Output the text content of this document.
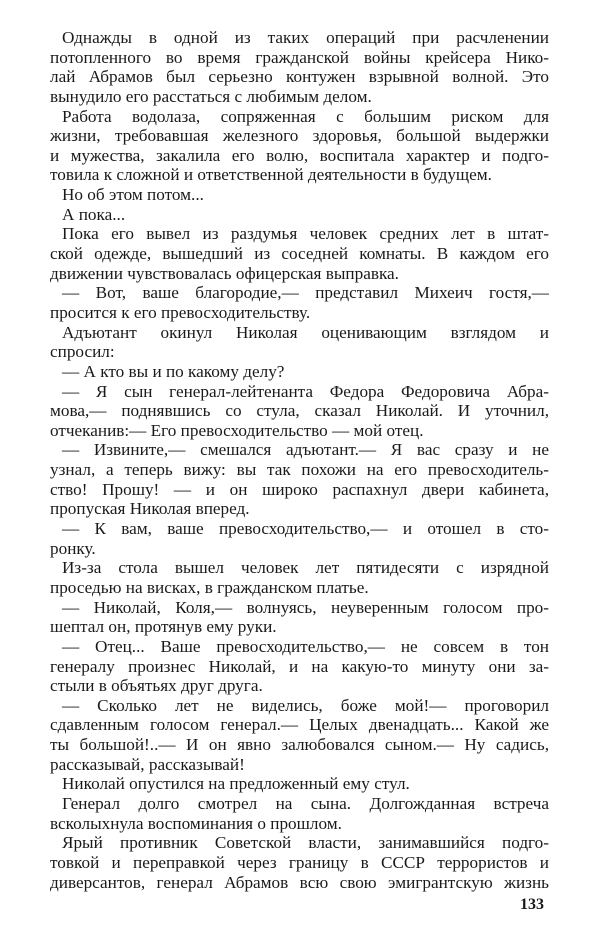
Однажды в одной из таких операций при расчленении
потопленного во время гражданской войны крейсера Нико-
лай Абрамов был серьезно контужен взрывной волной. Это
вынудило его расстаться с любимым делом.
Работа водолаза, сопряженная с большим риском для
жизни, требовавшая железного здоровья, большой выдержки
и мужества, закалила его волю, воспитала характер и подго-
товила к сложной и ответственной деятельности в будущем.
Но об этом потом...
А пока...
Пока его вывел из раздумья человек средних лет в штат-
ской одежде, вышедший из соседней комнаты. В каждом его
движении чувствовалась офицерская выправка.
— Вот, ваше благородие,— представил Михеич гостя,—
просится к его превосходительству.
Адъютант окинул Николая оценивающим взглядом и
спросил:
— А кто вы и по какому делу?
— Я сын генерал-лейтенанта Федора Федоровича Абра-
мова,— поднявшись со стула, сказал Николай. И уточнил,
отчеканив:— Его превосходительство — мой отец.
— Извините,— смешался адъютант.— Я вас сразу и не
узнал, а теперь вижу: вы так похожи на его превосходитель-
ство! Прошу! — и он широко распахнул двери кабинета,
пропуская Николая вперед.
— К вам, ваше превосходительство,— и отошел в сто-
ронку.
Из-за стола вышел человек лет пятидесяти с изрядной
проседью на висках, в гражданском платье.
— Николай, Коля,— волнуясь, неуверенным голосом про-
шептал он, протянув ему руки.
— Отец... Ваше превосходительство,— не совсем в тон
генералу произнес Николай, и на какую-то минуту они за-
стыли в объятьях друг друга.
— Сколько лет не виделись, боже мой!— проговорил
сдавленным голосом генерал.— Целых двенадцать... Какой же
ты большой!..— И он явно залюбовался сыном.— Ну садись,
рассказывай, рассказывай!
Николай опустился на предложенный ему стул.
Генерал долго смотрел на сына. Долгожданная встреча
всколыхнула воспоминания о прошлом.
Ярый противник Советской власти, занимавшийся подго-
товкой и переправкой через границу в СССР террористов и
диверсантов, генерал Абрамов всю свою эмигрантскую жизнь
133
